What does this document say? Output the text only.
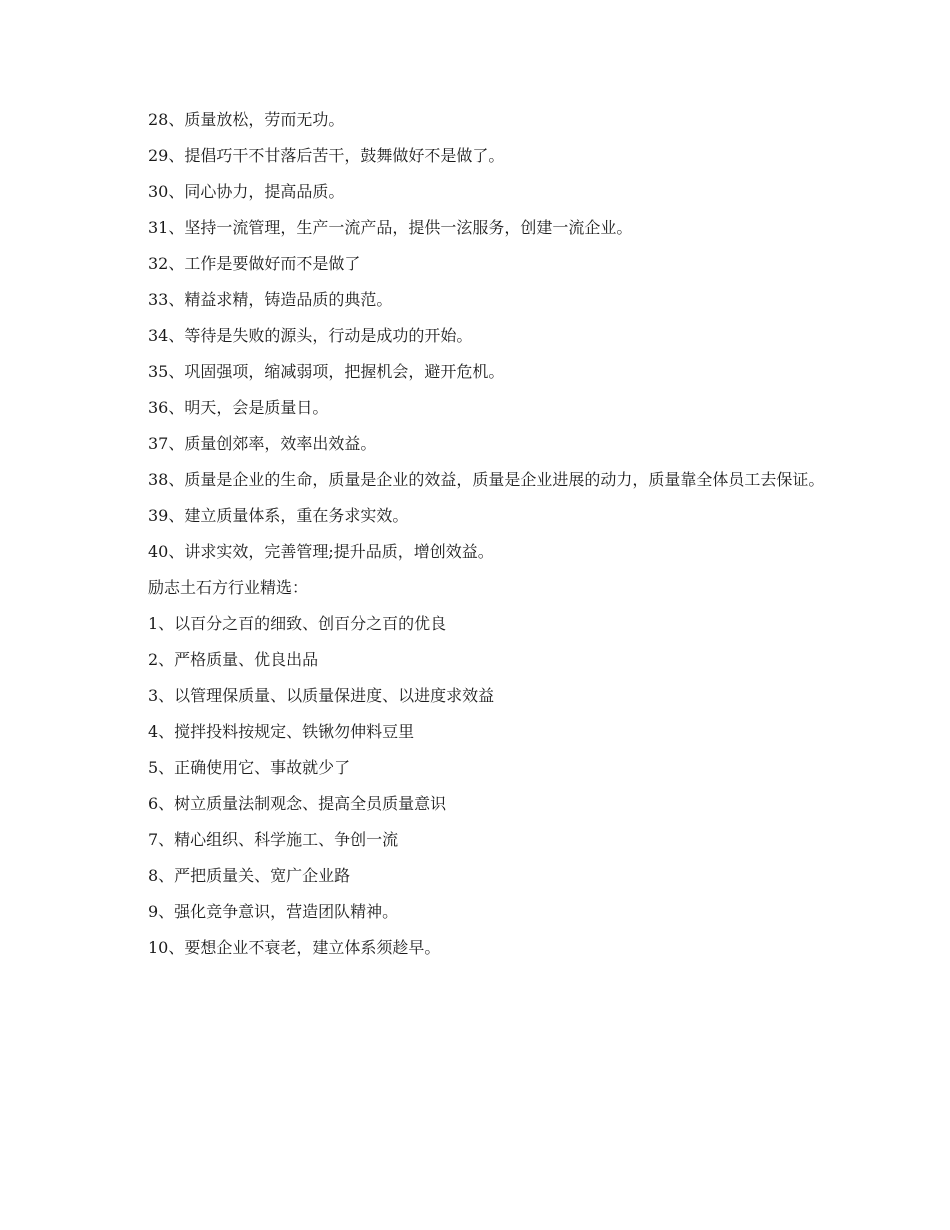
28、质量放松，劳而无功。

29、提倡巧干不甘落后苦干，鼓舞做好不是做了。

30、同心协力，提高品质。

31、坚持一流管理，生产一流产品，提供一泫服务，创建一流企业。

32、工作是要做好而不是做了

33、精益求精，铸造品质的典范。

34、等待是失败的源头，行动是成功的开始。

35、巩固强项，缩减弱项，把握机会，避开危机。

36、明天，会是质量日。

37、质量创郊率，效率出效益。

38、质量是企业的生命，质量是企业的效益，质量是企业进展的动力，质量靠全体员工去保证。

39、建立质量体系，重在务求实效。

40、讲求实效，完善管理;提升品质，增创效益。

励志土石方行业精选：

1、以百分之百的细致、创百分之百的优良

2、严格质量、优良出品

3、以管理保质量、以质量保进度、以进度求效益

4、搅拌投料按规定、铁锹勿伸料豆里

5、正确使用它、事故就少了

6、树立质量法制观念、提高全员质量意识

7、精心组织、科学施工、争创一流

8、严把质量关、宽广企业路

9、强化竞争意识，营造团队精神。

10、要想企业不衰老，建立体系须趁早。
